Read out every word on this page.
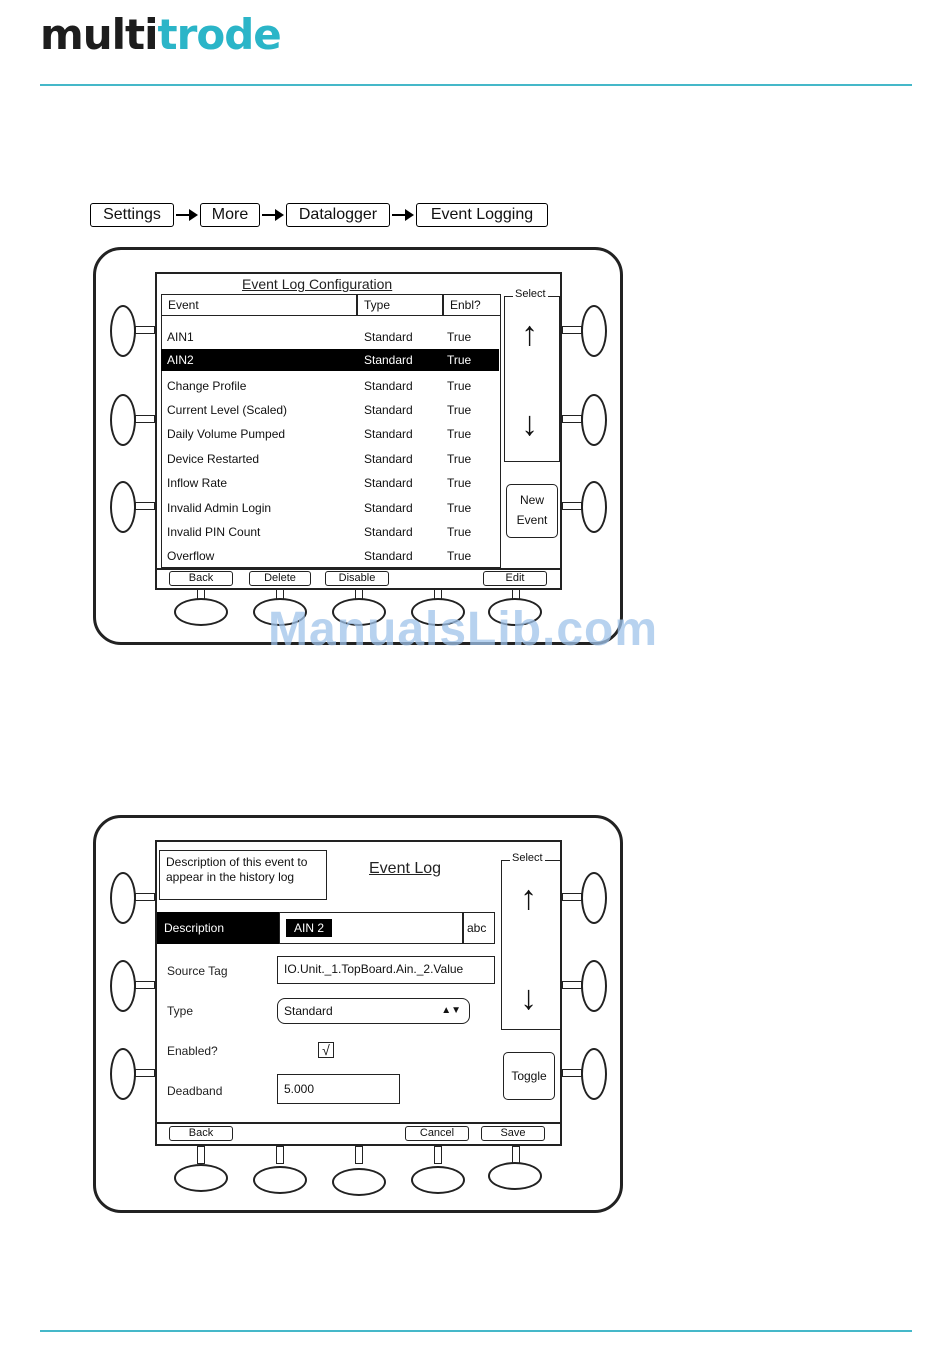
multitrode
Settings	More	Datalogger	Event Logging
Event Log Configuration
Event	Type	Enbl?
AIN1	Standard	True
AIN2	Standard	True
Change Profile	Standard	True
Current Level (Scaled)	Standard	True
Daily Volume Pumped	Standard	True
Device Restarted	Standard	True
Inflow Rate	Standard	True
Invalid Admin Login	Standard	True
Invalid PIN Count	Standard	True
Overflow	Standard	True
Select
↑
↓
New
Event
Back	Delete	Disable	Edit
Description of this event to appear in the history log	Event Log
Select
↑
↓
Description	AIN 2	abc
Source Tag	IO.Unit._1.TopBoard.Ain._2.Value
Type	Standard	▲▼
Enabled?	√
Deadband	5.000
Toggle
Back	Cancel	Save
ManualsLib.com
